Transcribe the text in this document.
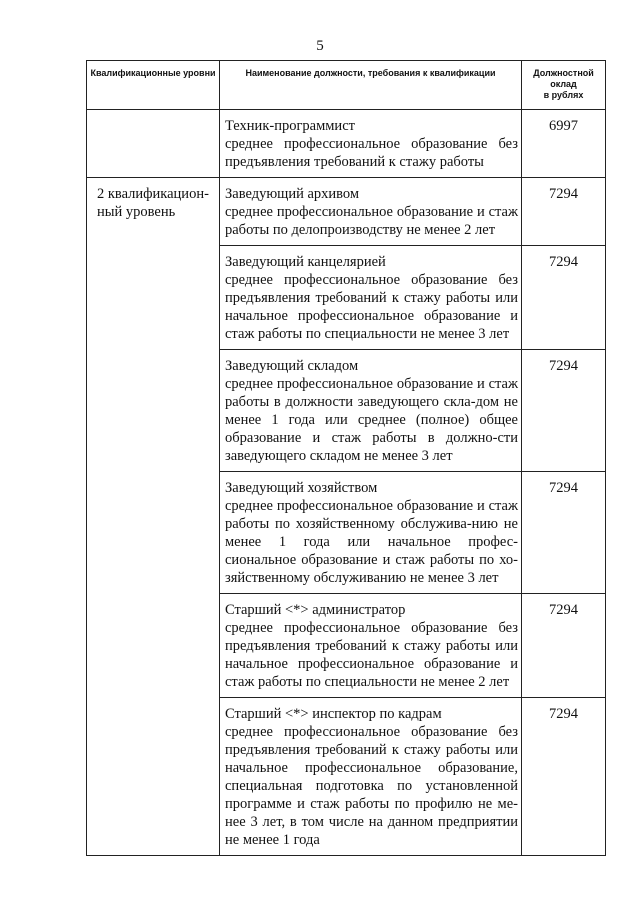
5
Квалификационные уровни	Наименование должности, требования к квалификации	Должностной
оклад
в рублях

	Техник-программист
среднее профессиональное образование без предъявления требований к стажу работы	6997
2 квалификацион-ный уровень	Заведующий архивом
среднее профессиональное образование и стаж работы по делопроизводству не менее 2 лет	7294

	Заведующий канцелярией
среднее профессиональное образование без предъявления требований к стажу работы или начальное профессиональное образование и стаж работы по специальности не менее 3 лет	7294

	Заведующий складом
среднее профессиональное образование и стаж работы в должности заведующего скла-дом не менее 1 года или среднее (полное) общее образование и стаж работы в должно-сти заведующего складом не менее 3 лет	7294

	Заведующий хозяйством
среднее профессиональное образование и стаж работы по хозяйственному обслужива-нию не менее 1 года или начальное профес-сиональное образование и стаж работы по хо-зяйственному обслуживанию не менее 3 лет	7294

	Старший <*> администратор
среднее профессиональное образование без предъявления требований к стажу работы или начальное профессиональное образование и стаж работы по специальности не менее 2 лет	7294

	Старший <*> инспектор по кадрам
среднее профессиональное образование без предъявления требований к стажу работы или начальное профессиональное образование, специальная подготовка по установленной программе и стаж работы по профилю не ме-нее 3 лет, в том числе на данном предприятии не менее 1 года	7294
